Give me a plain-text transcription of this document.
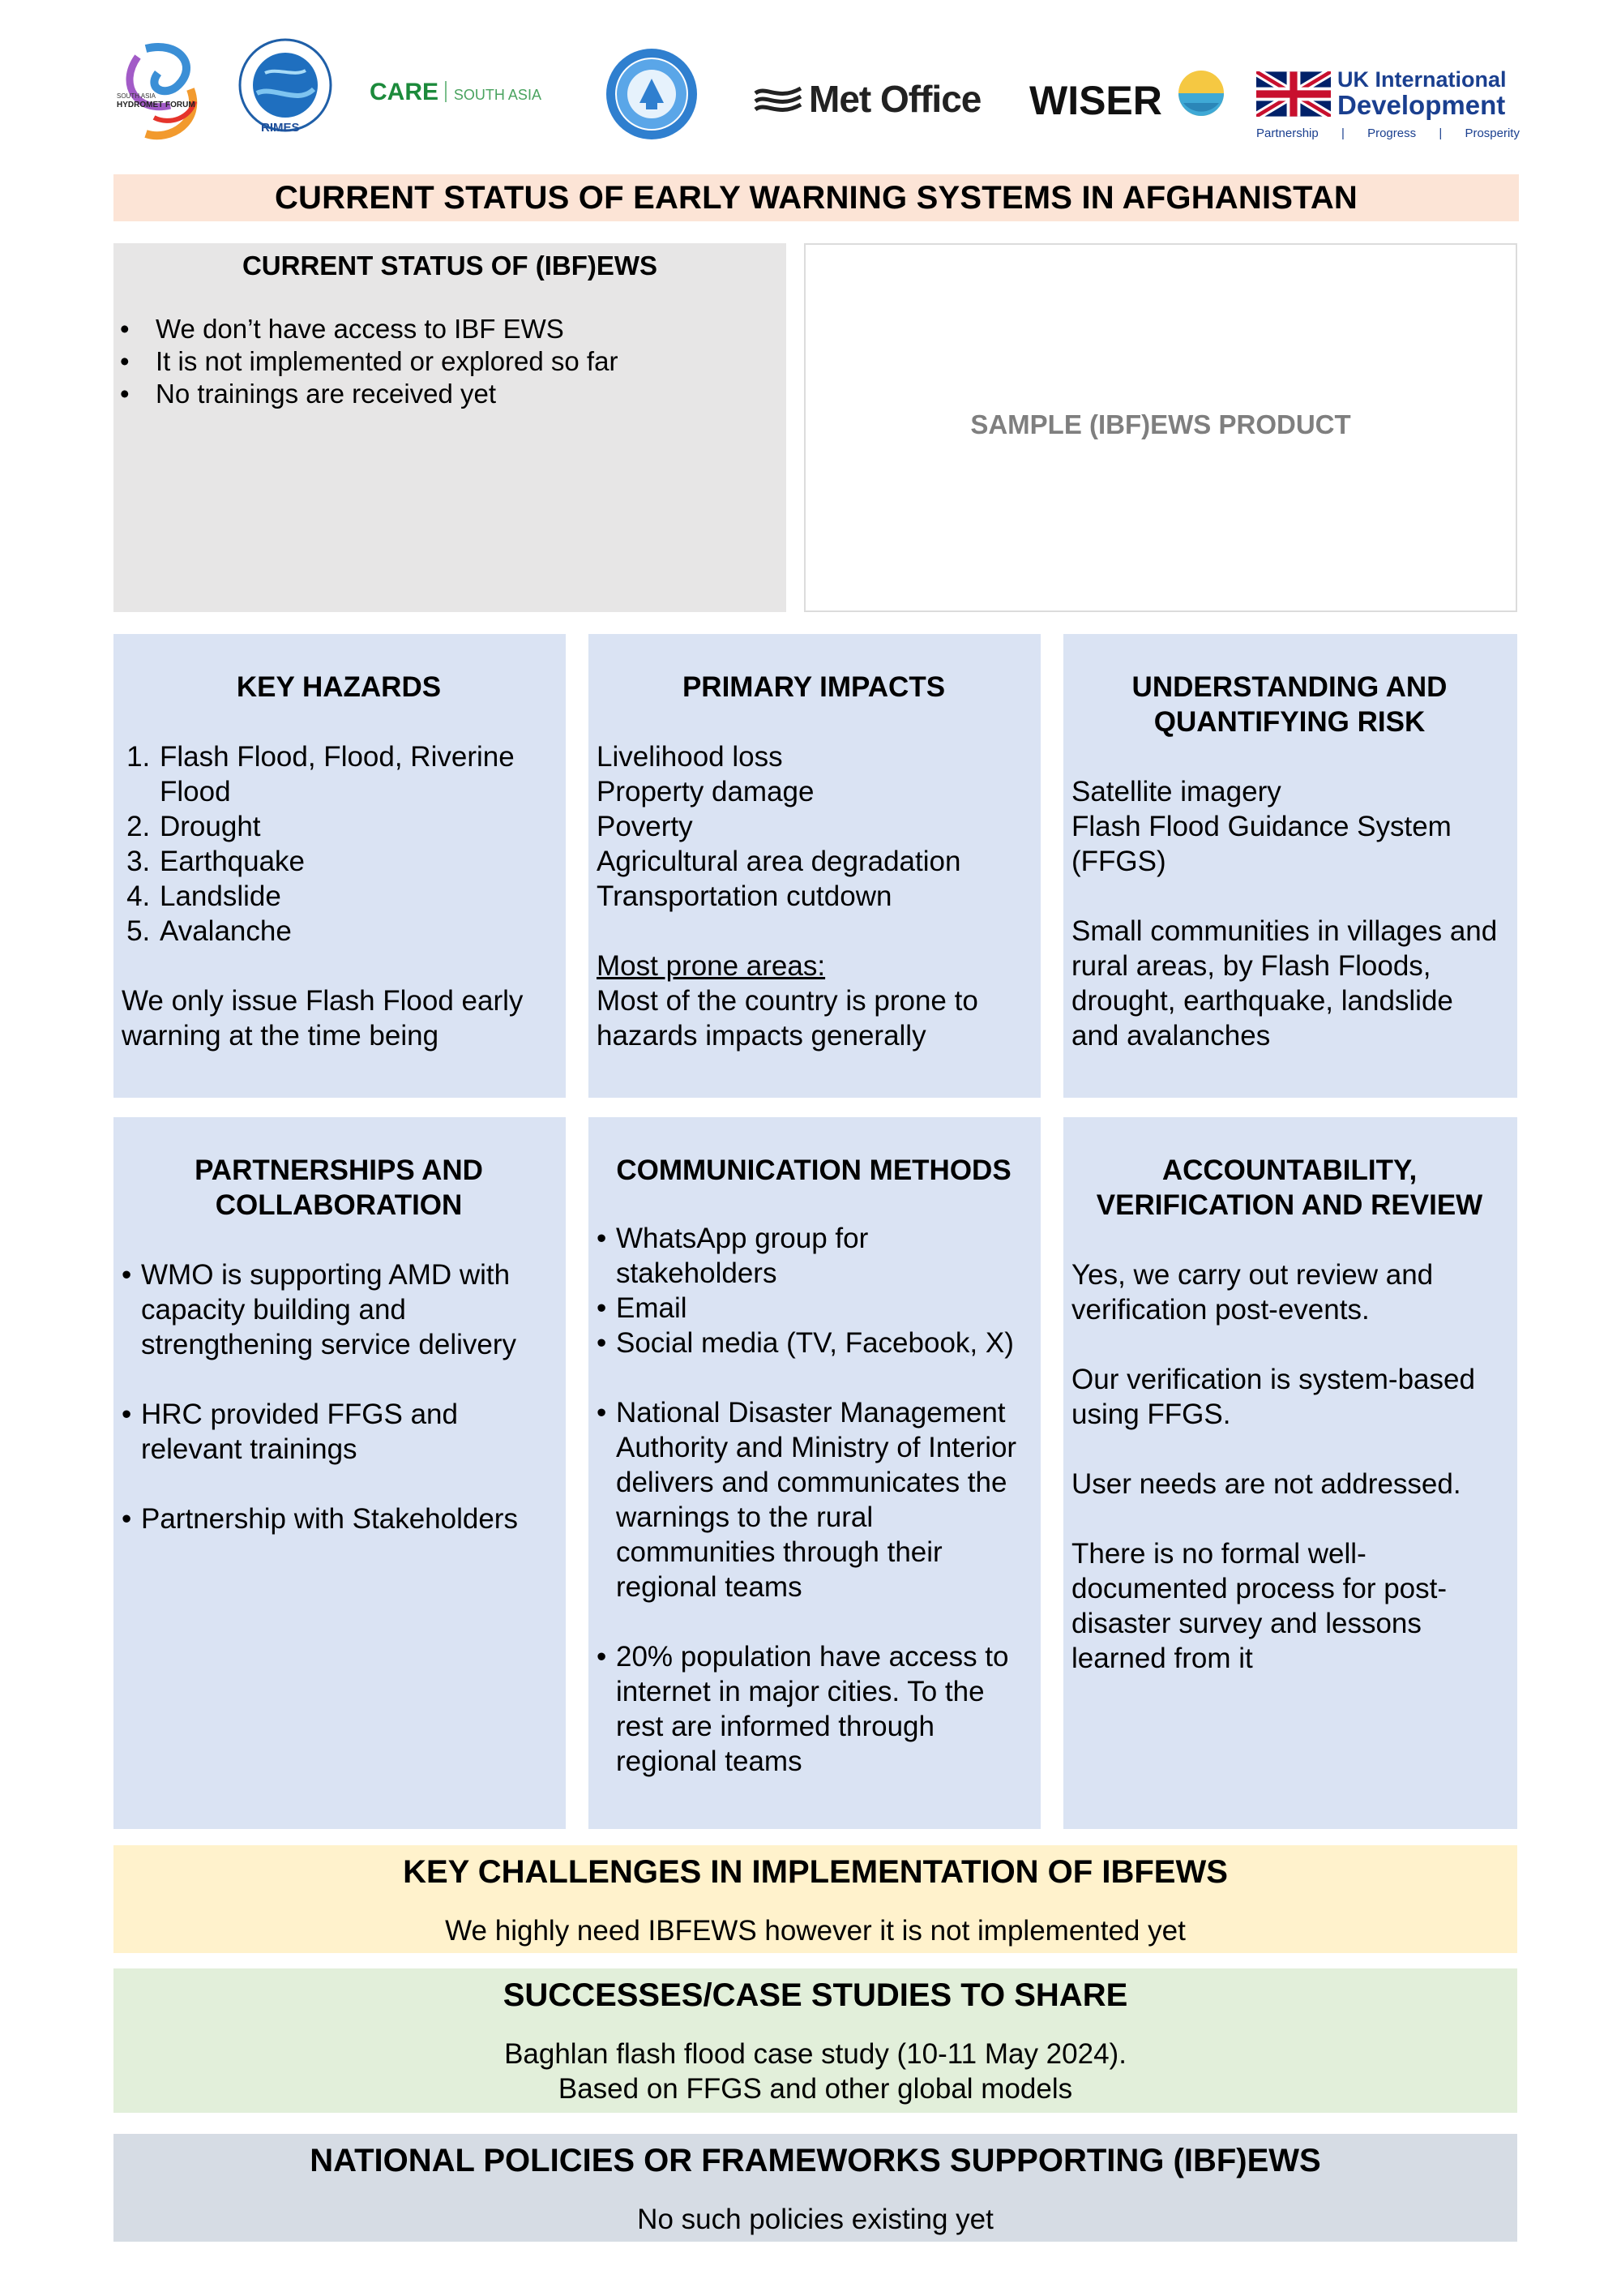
SOUTH ASIA
HYDROMET FORUM
RIMES
CARE SOUTH ASIA	Met Office WISER	UK International
Development
Partnership | Progress | Prosperity
CURRENT STATUS OF EARLY WARNING SYSTEMS IN AFGHANISTAN
CURRENT STATUS OF (IBF)EWS
• We don’t have access to IBF EWS
• It is not implemented or explored so far
• No trainings are received yet
SAMPLE (IBF)EWS PRODUCT
KEY HAZARDS
1. Flash Flood, Flood, Riverine Flood
2. Drought
3. Earthquake
4. Landslide
5. Avalanche

We only issue Flash Flood early warning at the time being

PRIMARY IMPACTS

Livelihood loss

Property damage

Poverty

Agricultural area degradation

Transportation cutdown

Most prone areas:

Most of the country is prone to hazards impacts generally

UNDERSTANDING AND
QUANTIFYING RISK

Satellite imagery

Flash Flood Guidance System (FFGS)

Small communities in villages and rural areas, by Flash Floods, drought, earthquake, landslide and avalanches

PARTNERSHIPS AND
COLLABORATION
• WMO is supporting AMD with capacity building and strengthening service delivery
• HRC provided FFGS and relevant trainings
• Partnership with Stakeholders
COMMUNICATION METHODS
• WhatsApp group for stakeholders
• Email
• Social media (TV, Facebook, X)
• National Disaster Management Authority and Ministry of Interior delivers and communicates the warnings to the rural communities through their regional teams
• 20% population have access to internet in major cities. To the rest are informed through regional teams
ACCOUNTABILITY,
VERIFICATION AND REVIEW

Yes, we carry out review and verification post-events.

Our verification is system-based using FFGS.

User needs are not addressed.

There is no formal well-documented process for post-disaster survey and lessons learned from it

KEY CHALLENGES IN IMPLEMENTATION OF IBFEWS
We highly need IBFEWS however it is not implemented yet
SUCCESSES/CASE STUDIES TO SHARE
Baghlan flash flood case study (10-11 May 2024).
Based on FFGS and other global models
NATIONAL POLICIES OR FRAMEWORKS SUPPORTING (IBF)EWS
No such policies existing yet
